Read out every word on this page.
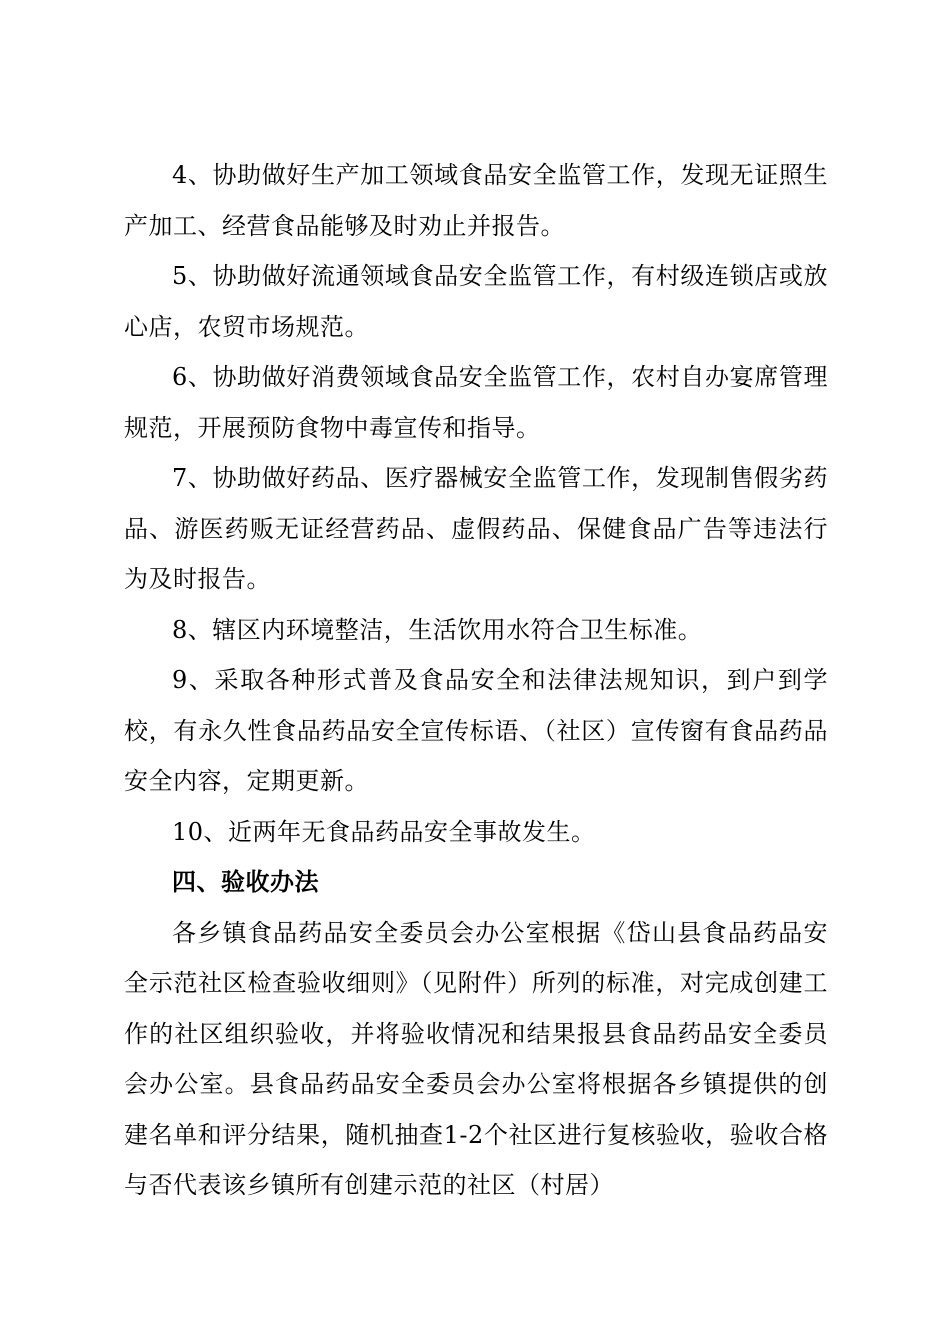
4、协助做好生产加工领域食品安全监管工作，发现无证照生产加工、经营食品能够及时劝止并报告。

5、协助做好流通领域食品安全监管工作，有村级连锁店或放心店，农贸市场规范。

6、协助做好消费领域食品安全监管工作，农村自办宴席管理规范，开展预防食物中毒宣传和指导。

7、协助做好药品、医疗器械安全监管工作，发现制售假劣药品、游医药贩无证经营药品、虚假药品、保健食品广告等违法行为及时报告。

8、辖区内环境整洁，生活饮用水符合卫生标准。

9、采取各种形式普及食品安全和法律法规知识，到户到学校，有永久性食品药品安全宣传标语、（社区）宣传窗有食品药品安全内容，定期更新。

10、近两年无食品药品安全事故发生。

四、验收办法

各乡镇食品药品安全委员会办公室根据《岱山县食品药品安全示范社区检查验收细则》（见附件）所列的标准，对完成创建工作的社区组织验收，并将验收情况和结果报县食品药品安全委员会办公室。县食品药品安全委员会办公室将根据各乡镇提供的创建名单和评分结果，随机抽查1-2个社区进行复核验收，验收合格与否代表该乡镇所有创建示范的社区（村居）
